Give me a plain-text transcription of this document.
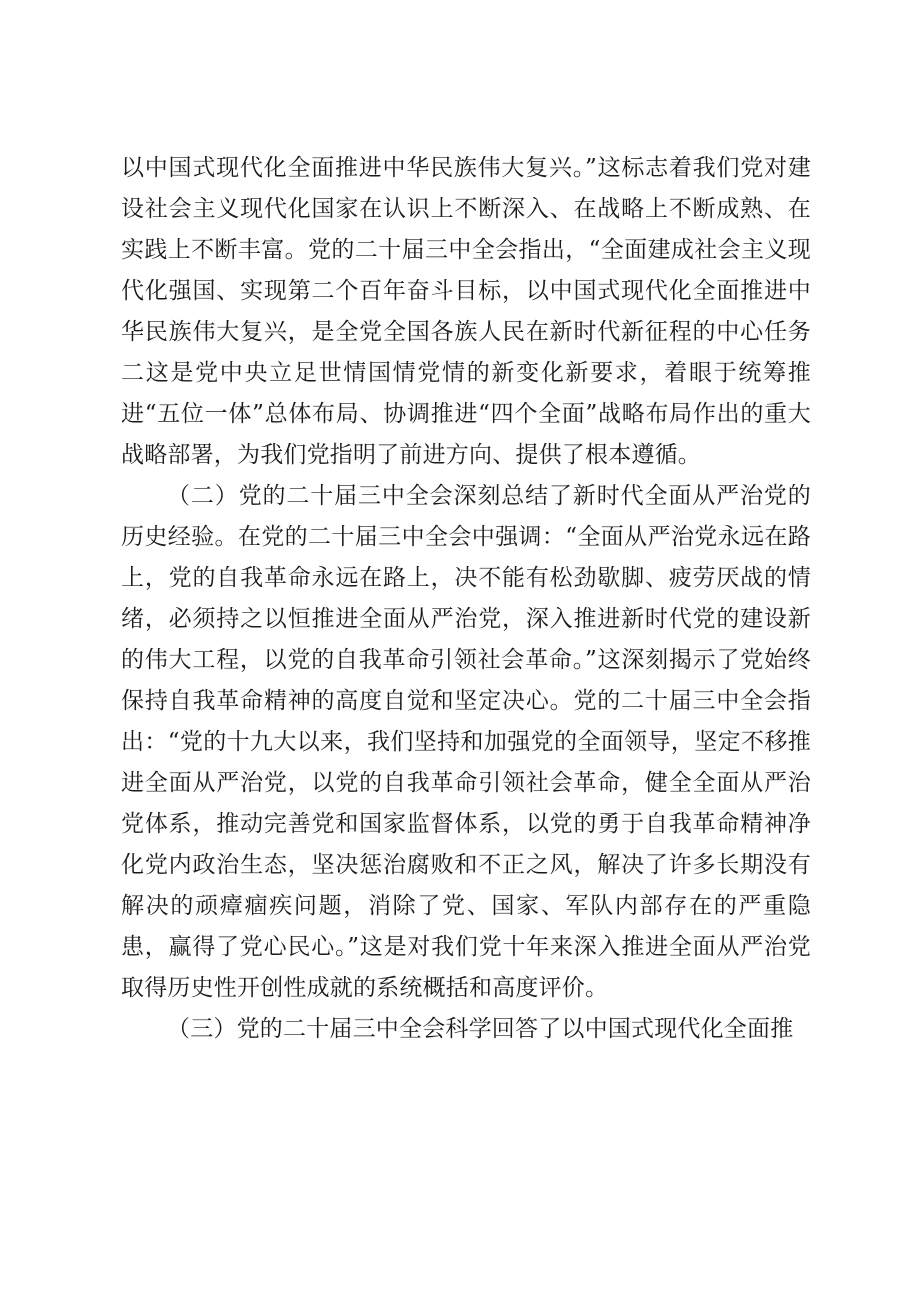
以中国式现代化全面推进中华民族伟大复兴。”这标志着我们党对建设社会主义现代化国家在认识上不断深入、在战略上不断成熟、在实践上不断丰富。党的二十届三中全会指出，“全面建成社会主义现代化强国、实现第二个百年奋斗目标，以中国式现代化全面推进中华民族伟大复兴，是全党全国各族人民在新时代新征程的中心任务二这是党中央立足世情国情党情的新变化新要求，着眼于统筹推进“五位一体”总体布局、协调推进“四个全面”战略布局作出的重大战略部署，为我们党指明了前进方向、提供了根本遵循。

（二）党的二十届三中全会深刻总结了新时代全面从严治党的历史经验。在党的二十届三中全会中强调：“全面从严治党永远在路上，党的自我革命永远在路上，决不能有松劲歇脚、疲劳厌战的情绪，必须持之以恒推进全面从严治党，深入推进新时代党的建设新的伟大工程，以党的自我革命引领社会革命。”这深刻揭示了党始终保持自我革命精神的高度自觉和坚定决心。党的二十届三中全会指出：“党的十九大以来，我们坚持和加强党的全面领导，坚定不移推进全面从严治党，以党的自我革命引领社会革命，健全全面从严治党体系，推动完善党和国家监督体系，以党的勇于自我革命精神净化党内政治生态，坚决惩治腐败和不正之风，解决了许多长期没有解决的顽瘴痼疾问题，消除了党、国家、军队内部存在的严重隐患，赢得了党心民心。”这是对我们党十年来深入推进全面从严治党取得历史性开创性成就的系统概括和高度评价。

（三）党的二十届三中全会科学回答了以中国式现代化全面推
